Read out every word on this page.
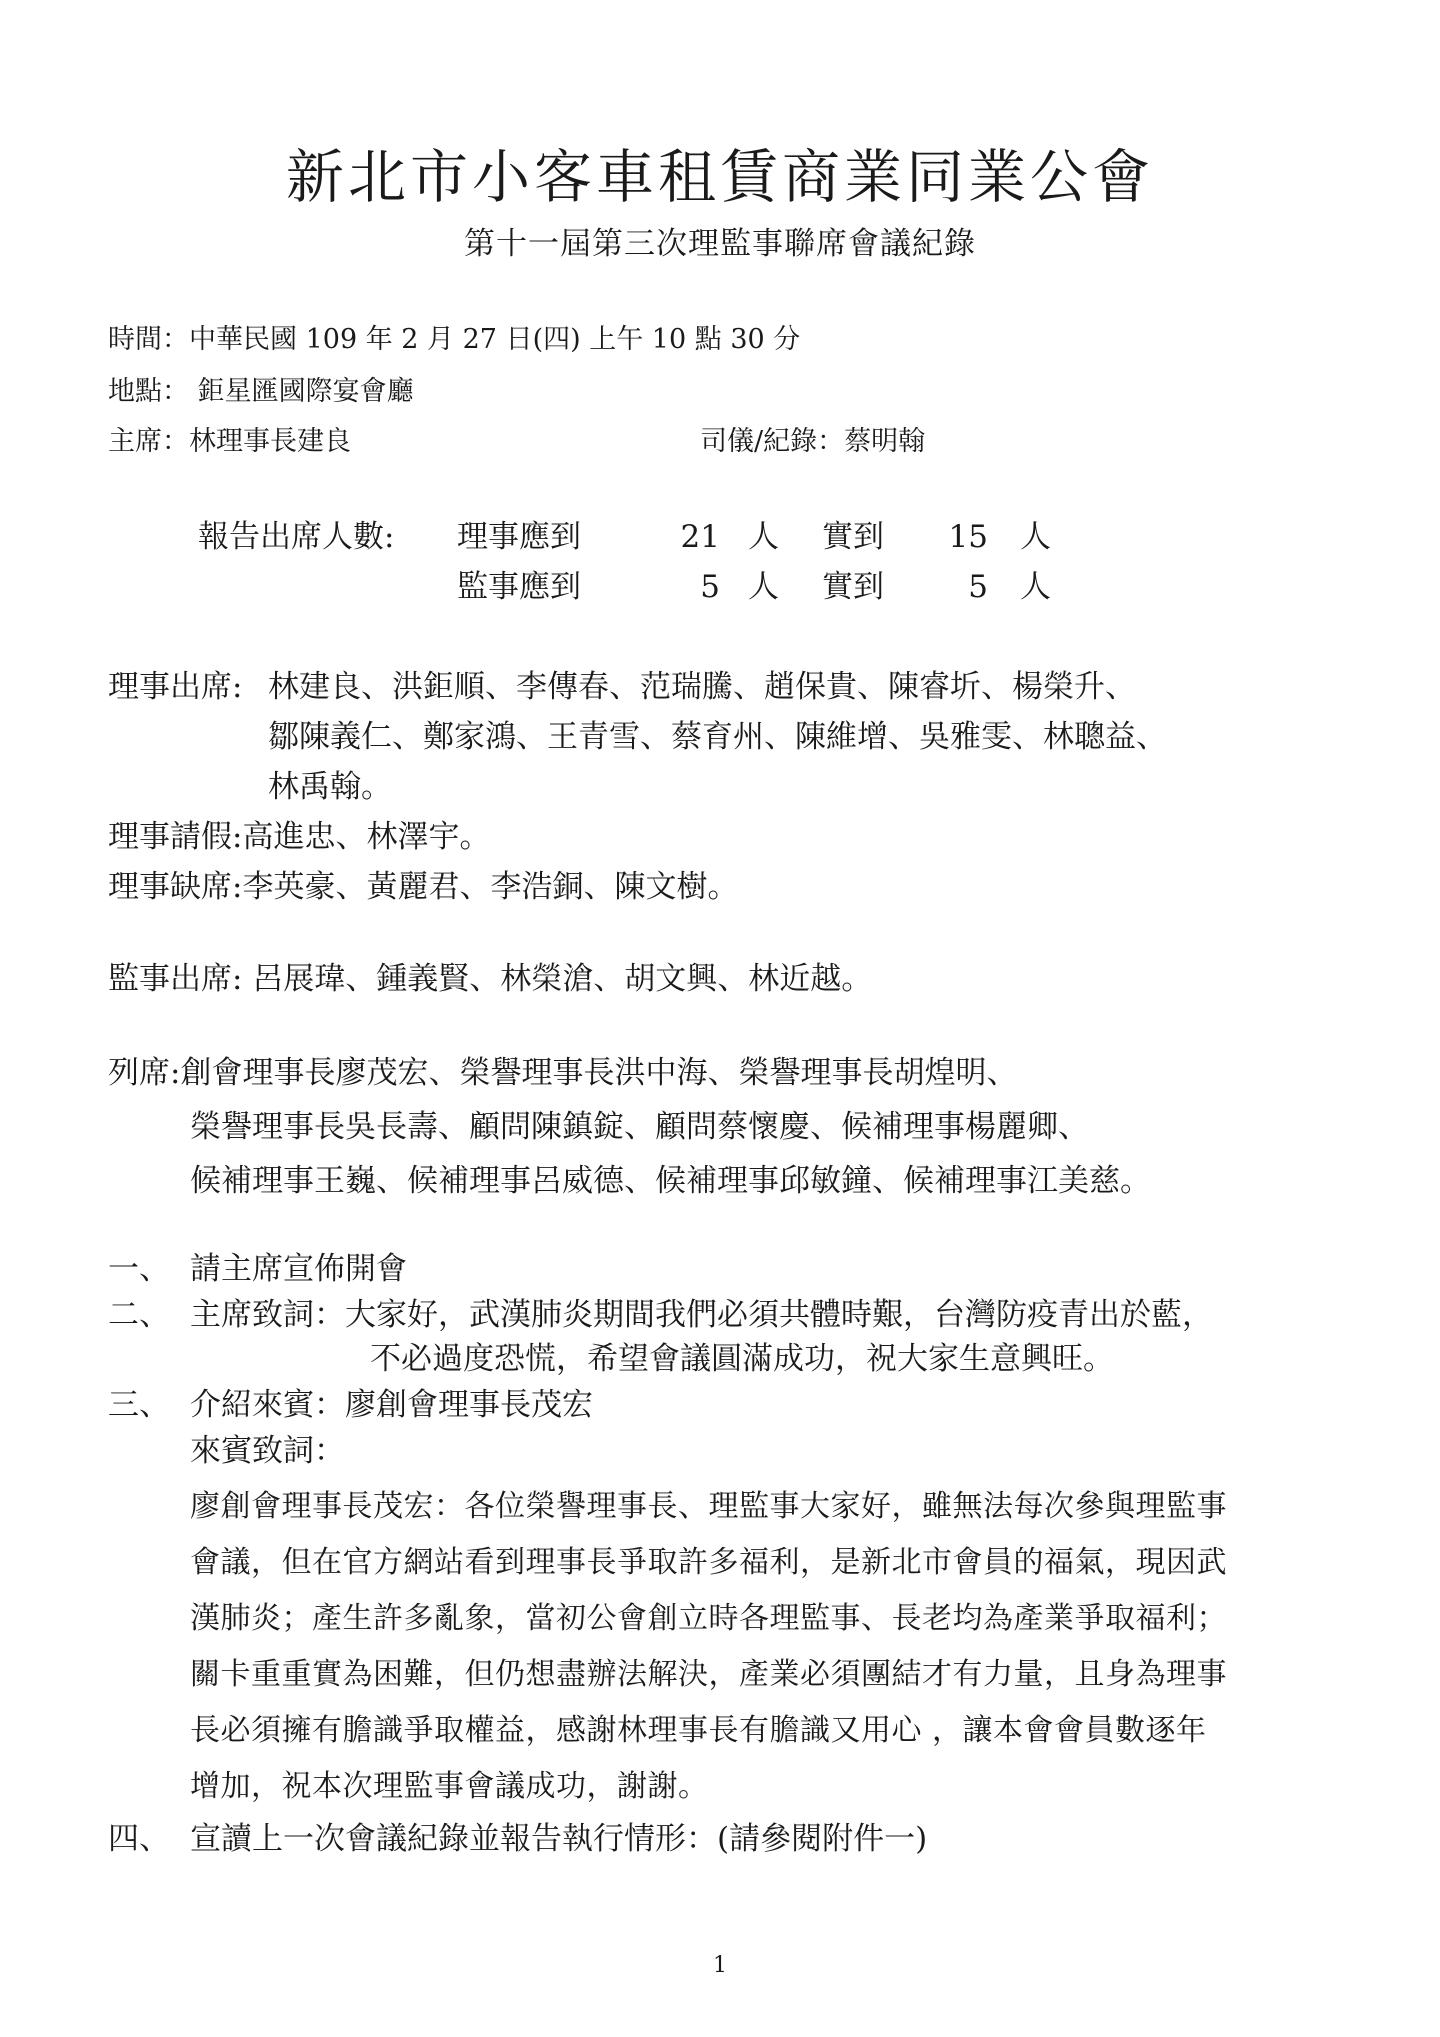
新北市小客車租賃商業同業公會
第十一屆第三次理監事聯席會議紀錄
時間：中華民國 109 年 2 月 27 日(四) 上午 10 點 30 分
地點： 鉅星匯國際宴會廳
主席：林理事長建良	司儀/紀錄：蔡明翰
報告出席人數: 理事應到	21 人 實到	15 人
監事應到	5 人 實到	5 人
理事出席: 林建良、洪鉅順、李傳春、范瑞騰、趙保貴、陳睿圻、楊榮升、
鄒陳義仁、鄭家鴻、王青雪、蔡育州、陳維增、吳雅雯、林聰益、
林禹翰。
理事請假:高進忠、林澤宇。
理事缺席:李英豪、黃麗君、李浩銅、陳文樹。
監事出席: 呂展瑋、鍾義賢、林榮滄、胡文興、林近越。
列席:創會理事長廖茂宏、榮譽理事長洪中海、榮譽理事長胡煌明、
榮譽理事長吳長壽、顧問陳鎮錠、顧問蔡懷慶、候補理事楊麗卿、
候補理事王巍、候補理事呂威德、候補理事邱敏鐘、候補理事江美慈。
一、 請主席宣佈開會
二、 主席致詞：大家好，武漢肺炎期間我們必須共體時艱，台灣防疫青出於藍，
不必過度恐慌，希望會議圓滿成功，祝大家生意興旺。
三、 介紹來賓：廖創會理事長茂宏
來賓致詞：
廖創會理事長茂宏：各位榮譽理事長、理監事大家好，雖無法每次參與理監事
會議，但在官方網站看到理事長爭取許多福利，是新北市會員的福氣，現因武
漢肺炎；產生許多亂象，當初公會創立時各理監事、長老均為產業爭取福利；
關卡重重實為困難，但仍想盡辦法解決，產業必須團結才有力量，且身為理事
長必須擁有膽識爭取權益，感謝林理事長有膽識又用心 ，讓本會會員數逐年
增加，祝本次理監事會議成功，謝謝。
四、 宣讀上一次會議紀錄並報告執行情形：(請參閱附件一)
1
